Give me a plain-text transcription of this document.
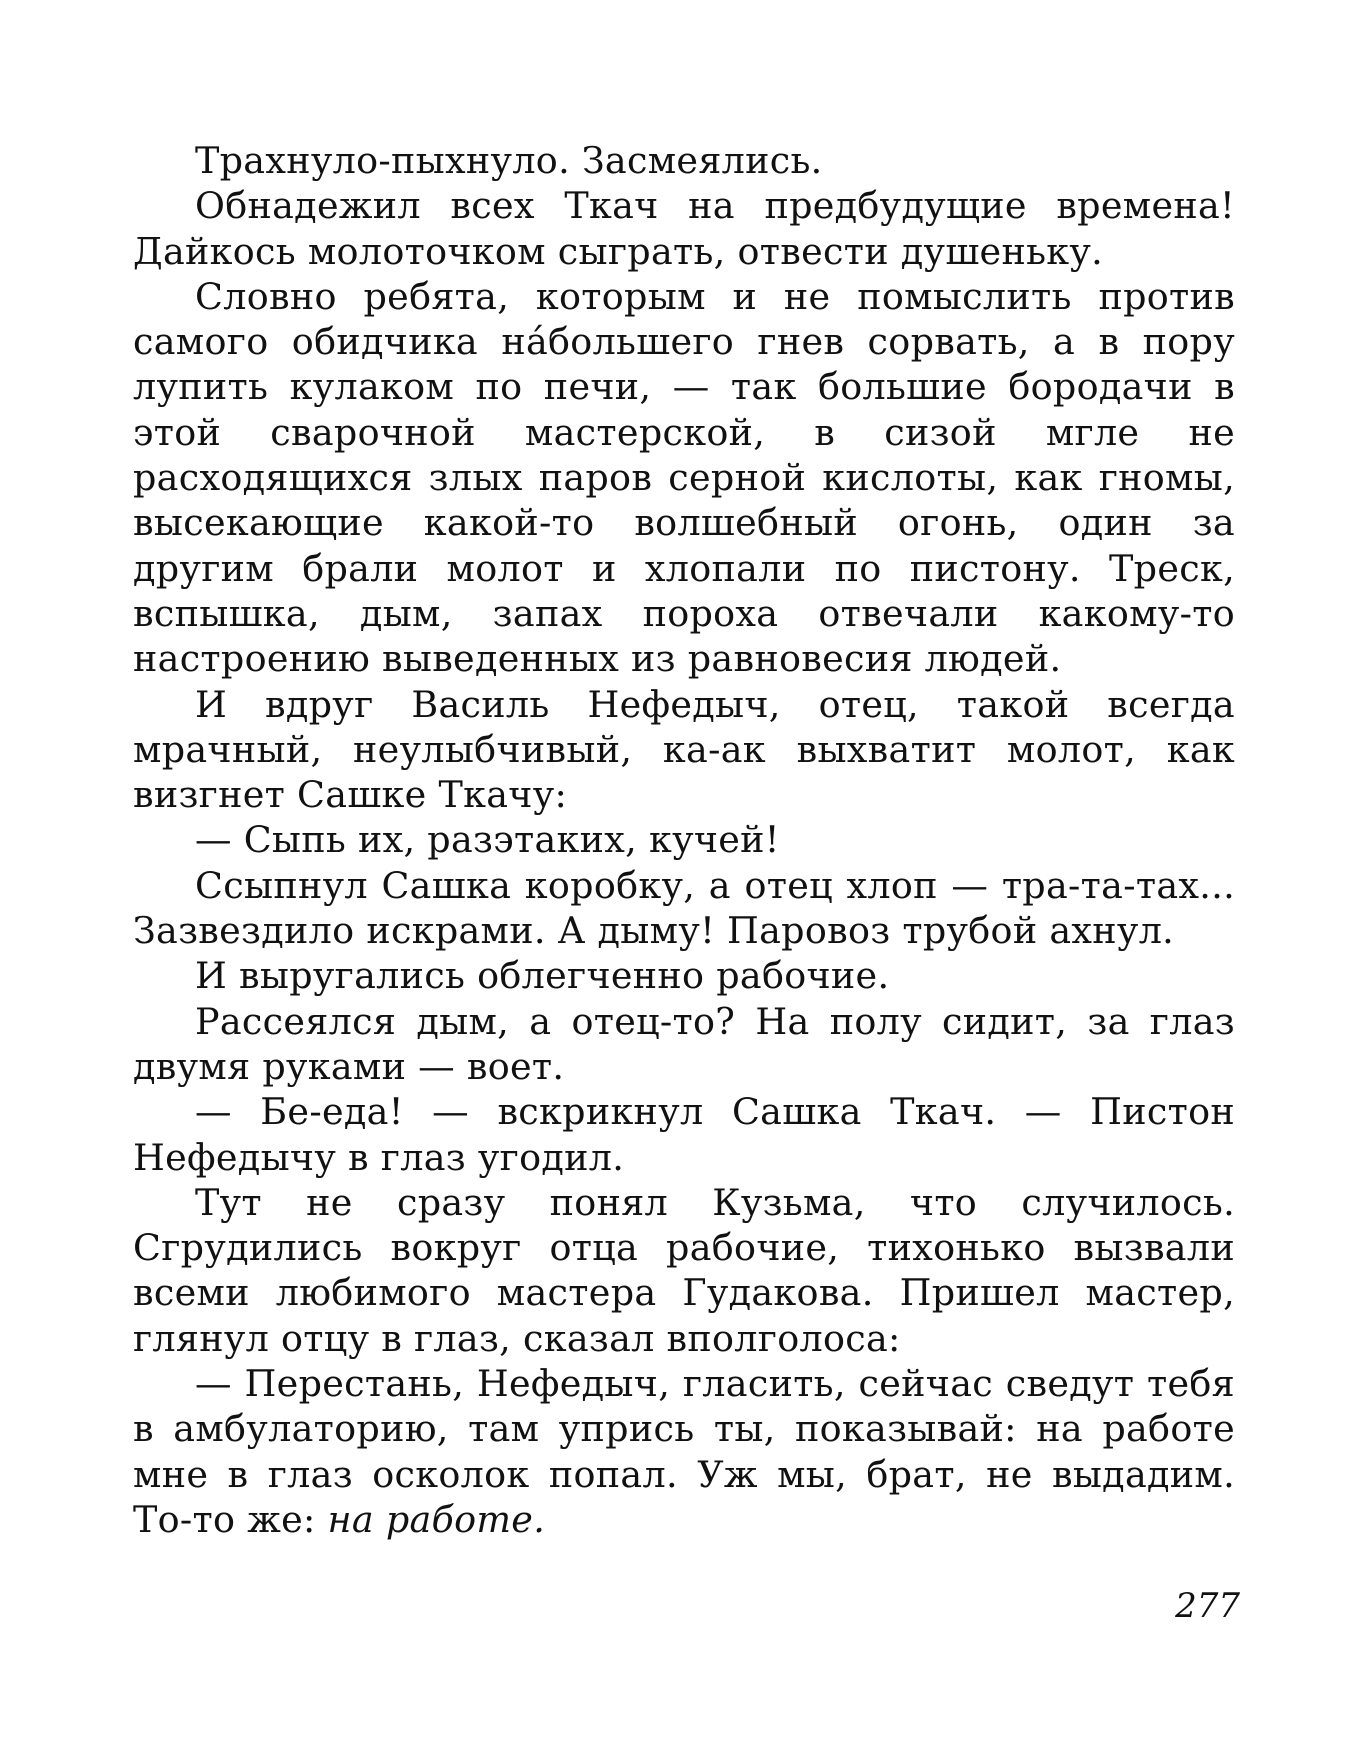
Трахнуло-пыхнуло. Засмеялись.

Обнадежил всех Ткач на предбудущие времена! Дайкось молоточком сыграть, отвести душеньку.

Словно ребята, которым и не помыслить против самого обидчика на́большего гнев сорвать, а в пору лупить кулаком по печи, — так большие бородачи в этой сварочной мастерской, в сизой мгле не расходящихся злых паров серной кислоты, как гномы, высекающие какой-то волшебный огонь, один за другим брали молот и хлопали по пистону. Треск, вспышка, дым, запах пороха отвечали какому-то настроению выведенных из равновесия людей.

И вдруг Василь Нефедыч, отец, такой всегда мрачный, неулыбчивый, ка-ак выхватит молот, как визгнет Сашке Ткачу:

— Сыпь их, разэтаких, кучей!

Ссыпнул Сашка коробку, а отец хлоп — тра-та-тах... Зазвездило искрами. А дыму! Паровоз трубой ахнул.

И выругались облегченно рабочие.

Рассеялся дым, а отец-то? На полу сидит, за глаз двумя руками — воет.

— Бе-еда! — вскрикнул Сашка Ткач. — Пистон Нефедычу в глаз угодил.

Тут не сразу понял Кузьма, что случилось. Сгрудились вокруг отца рабочие, тихонько вызвали всеми любимого мастера Гудакова. Пришел мастер, глянул отцу в глаз, сказал вполголоса:

— Перестань, Нефедыч, гласить, сейчас сведут тебя в амбулаторию, там упрись ты, показывай: на работе мне в глаз осколок попал. Уж мы, брат, не выдадим. То-то же: на работе.

277
